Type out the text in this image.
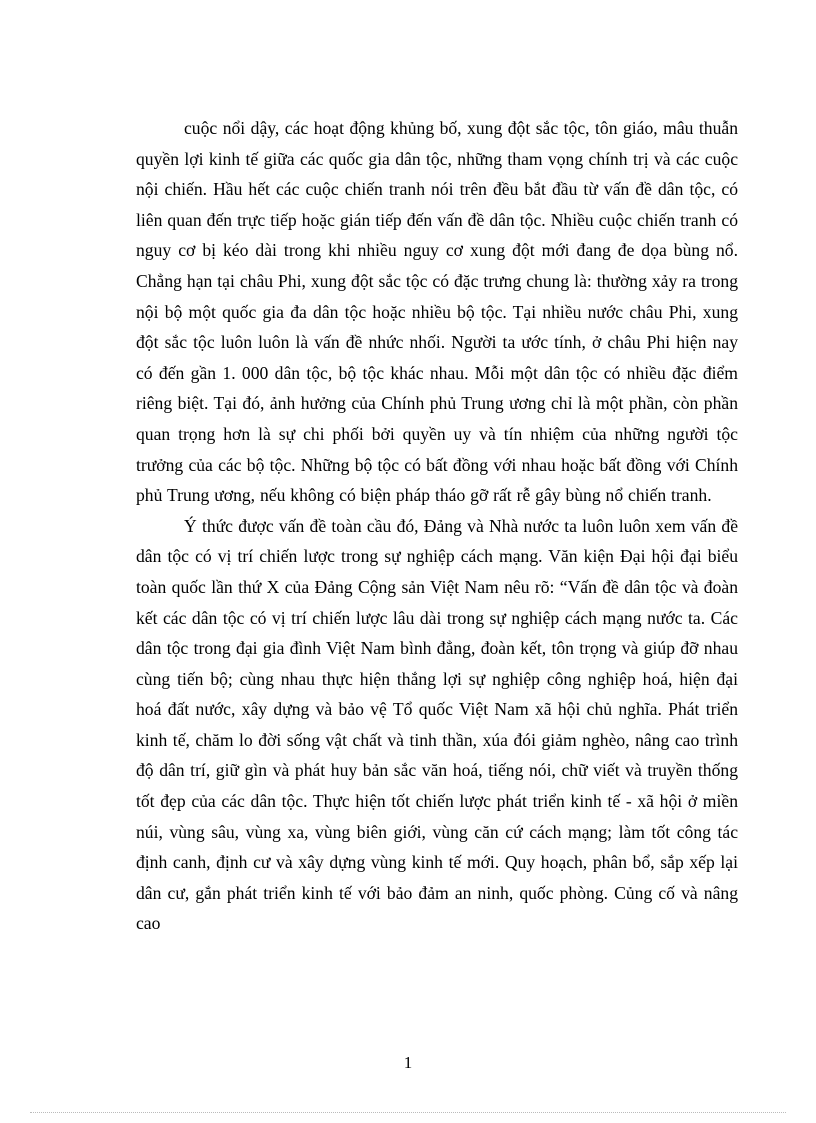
cuộc nổi dậy, các hoạt động khủng bố, xung đột sắc tộc, tôn giáo, mâu thuẫn quyền lợi kinh tế giữa các quốc gia dân tộc, những tham vọng chính trị và các cuộc nội chiến. Hầu hết các cuộc chiến tranh nói trên đều bắt đầu từ vấn đề dân tộc, có liên quan đến trực tiếp hoặc gián tiếp đến vấn đề dân tộc. Nhiều cuộc chiến tranh có nguy cơ bị kéo dài trong khi nhiều nguy cơ xung đột mới đang đe dọa bùng nổ. Chẳng hạn tại châu Phi, xung đột sắc tộc có đặc trưng chung là: thường xảy ra trong nội bộ một quốc gia đa dân tộc hoặc nhiều bộ tộc. Tại nhiều nước châu Phi, xung đột sắc tộc luôn luôn là vấn đề nhức nhối. Người ta ước tính, ở châu Phi hiện nay có đến gần 1. 000 dân tộc, bộ tộc khác nhau. Mỗi một dân tộc có nhiều đặc điểm riêng biệt. Tại đó, ảnh hưởng của Chính phủ Trung ương chỉ là một phần, còn phần quan trọng hơn là sự chi phối bởi quyền uy và tín nhiệm của những người tộc trưởng của các bộ tộc. Những bộ tộc có bất đồng với nhau hoặc bất đồng với Chính phủ Trung ương, nếu không có biện pháp tháo gỡ rất rễ gây bùng nổ chiến tranh.

Ý thức được vấn đề toàn cầu đó, Đảng và Nhà nước ta luôn luôn xem vấn đề dân tộc có vị trí chiến lược trong sự nghiệp cách mạng. Văn kiện Đại hội đại biểu toàn quốc lần thứ X của Đảng Cộng sản Việt Nam nêu rõ: “Vấn đề dân tộc và đoàn kết các dân tộc có vị trí chiến lược lâu dài trong sự nghiệp cách mạng nước ta. Các dân tộc trong đại gia đình Việt Nam bình đẳng, đoàn kết, tôn trọng và giúp đỡ nhau cùng tiến bộ; cùng nhau thực hiện thắng lợi sự nghiệp công nghiệp hoá, hiện đại hoá đất nước, xây dựng và bảo vệ Tổ quốc Việt Nam xã hội chủ nghĩa. Phát triển kinh tế, chăm lo đời sống vật chất và tinh thần, xúa đói giảm nghèo, nâng cao trình độ dân trí, giữ gìn và phát huy bản sắc văn hoá, tiếng nói, chữ viết và truyền thống tốt đẹp của các dân tộc. Thực hiện tốt chiến lược phát triển kinh tế - xã hội ở miền núi, vùng sâu, vùng xa, vùng biên giới, vùng căn cứ cách mạng; làm tốt công tác định canh, định cư và xây dựng vùng kinh tế mới. Quy hoạch, phân bổ, sắp xếp lại dân cư, gắn phát triển kinh tế với bảo đảm an ninh, quốc phòng. Củng cố và nâng cao

1
